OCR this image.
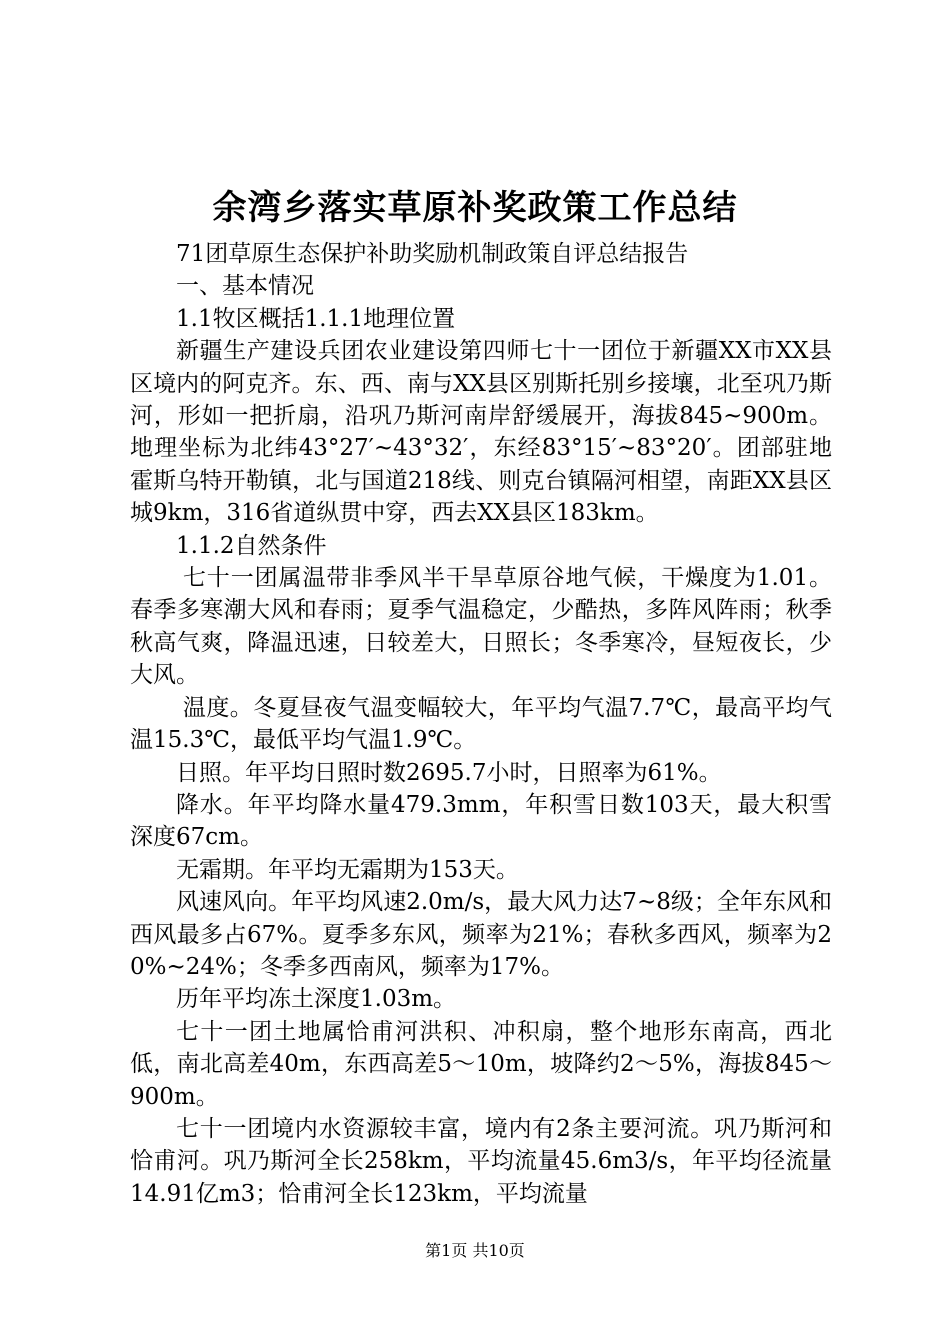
余湾乡落实草原补奖政策工作总结

71团草原生态保护补助奖励机制政策自评总结报告

一、基本情况

1.1牧区概括1.1.1地理位置

新疆生产建设兵团农业建设第四师七十一团位于新疆XX市XX县区境内的阿克齐。东、西、南与XX县区别斯托别乡接壤，北至巩乃斯河，形如一把折扇，沿巩乃斯河南岸舒缓展开，海拔845~900m。地理坐标为北纬43°27′~43°32′，东经83°15′~83°20′。团部驻地霍斯乌特开勒镇，北与国道218线、则克台镇隔河相望，南距XX县区城9km，316省道纵贯中穿，西去XX县区183km。

1.1.2自然条件

七十一团属温带非季风半干旱草原谷地气候，干燥度为1.01。春季多寒潮大风和春雨；夏季气温稳定，少酷热，多阵风阵雨；秋季秋高气爽，降温迅速，日较差大，日照长；冬季寒冷，昼短夜长，少大风。

温度。冬夏昼夜气温变幅较大，年平均气温7.7℃，最高平均气温15.3℃，最低平均气温1.9℃。

日照。年平均日照时数2695.7小时，日照率为61%。

降水。年平均降水量479.3mm，年积雪日数103天，最大积雪深度67cm。

无霜期。年平均无霜期为153天。

风速风向。年平均风速2.0m/s，最大风力达7~8级；全年东风和西风最多占67%。夏季多东风，频率为21%；春秋多西风，频率为20%~24%；冬季多西南风，频率为17%。

历年平均冻土深度1.03m。

七十一团土地属恰甫河洪积、冲积扇，整个地形东南高，西北低，南北高差40m，东西高差5～10m，坡降约2～5%，海拔845～900m。

七十一团境内水资源较丰富，境内有2条主要河流。巩乃斯河和恰甫河。巩乃斯河全长258km，平均流量45.6m3/s，年平均径流量14.91亿m3；恰甫河全长123km，平均流量

第1页 共10页
